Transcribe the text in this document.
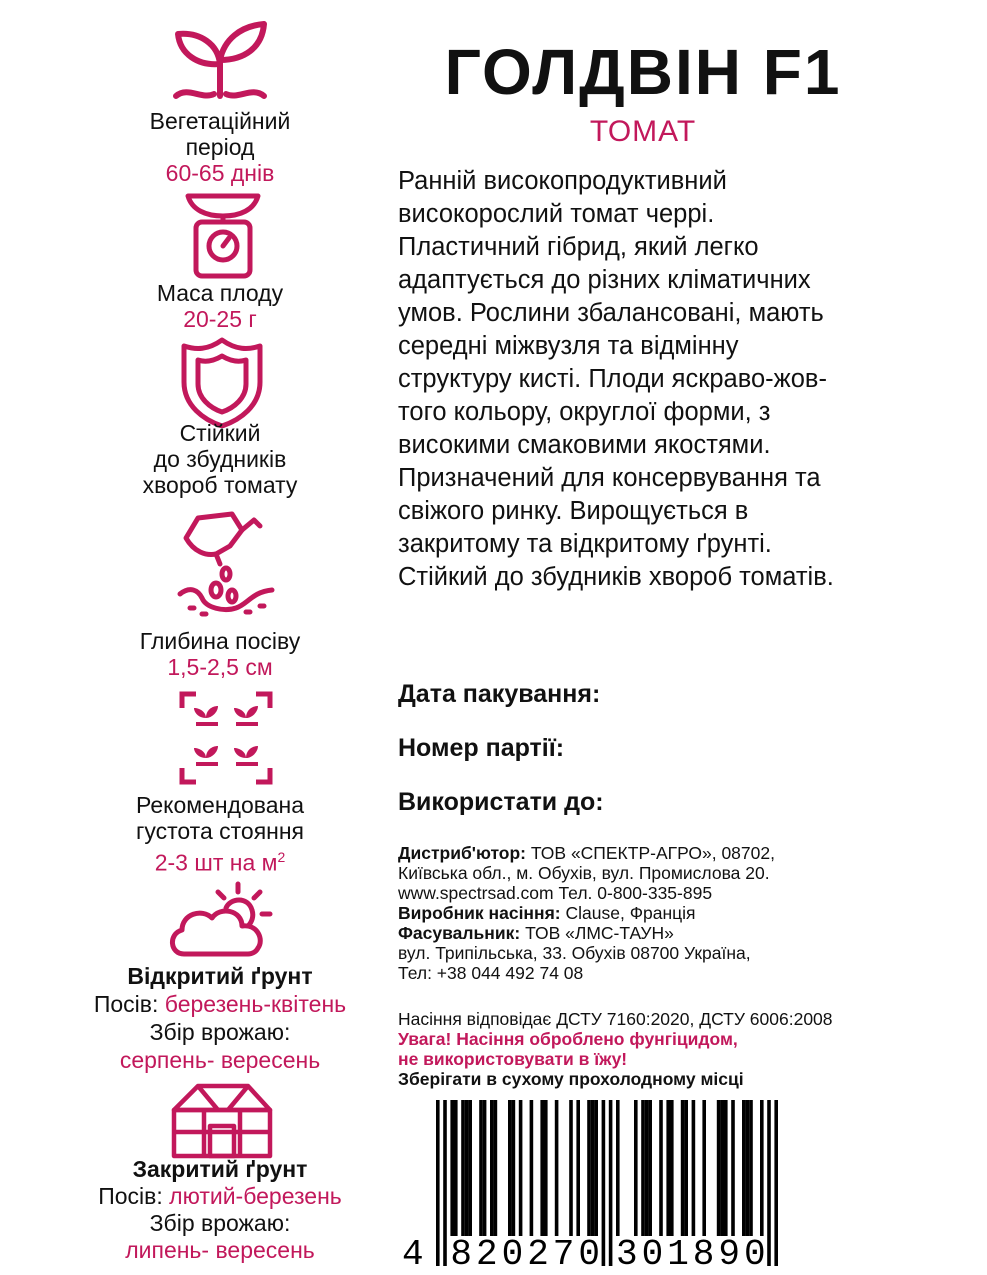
Вегетаційний
період
60-65 днів
Маса плоду
20-25 г
Стійкий
до збудників
хвороб томату
Глибина посіву
1,5-2,5 см
Рекомендована
густота стояння
2-3 шт на $м^2$
Відкритий ґрунт
Посів: березень-квітень
Збір врожаю:
серпень- вересень
Закритий ґрунт
Посів: лютий-березень
Збір врожаю:
липень- вересень
ГОЛДВІН F1
ТОМАТ
Ранній високопродуктивний
високорослий томат черрі.
Пластичний гібрид, який легко
адаптується до різних кліматичних
умов. Рослини збалансовані, мають
середні міжвузля та відмінну
структуру кисті. Плоди яскраво-жов-
того кольору, округлої форми, з
високими смаковими якостями.
Призначений для консервування та
свіжого ринку. Вирощується в
закритому та відкритому ґрунті.
Стійкий до збудників хвороб томатів.
Дата пакування:
Номер партії:
Використати до:
Дистриб'ютор: ТОВ «СПЕКТР-АГРО», 08702,
Київська обл., м. Обухів, вул. Промислова 20.
www.spectrsad.com Тел. 0-800-335-895
Виробник насіння: Clause, Франція
Фасувальник: ТОВ «ЛМС-ТАУН»
вул. Трипільська, 33. Обухів 08700 Україна,
Тел: +38 044 492 74 08
Насіння відповідає ДСТУ 7160:2020, ДСТУ 6006:2008
Увага! Насіння оброблено фунгіцидом,
не використовувати в їжу!
Зберігати в сухому прохолодному місці
4 820270 301890
